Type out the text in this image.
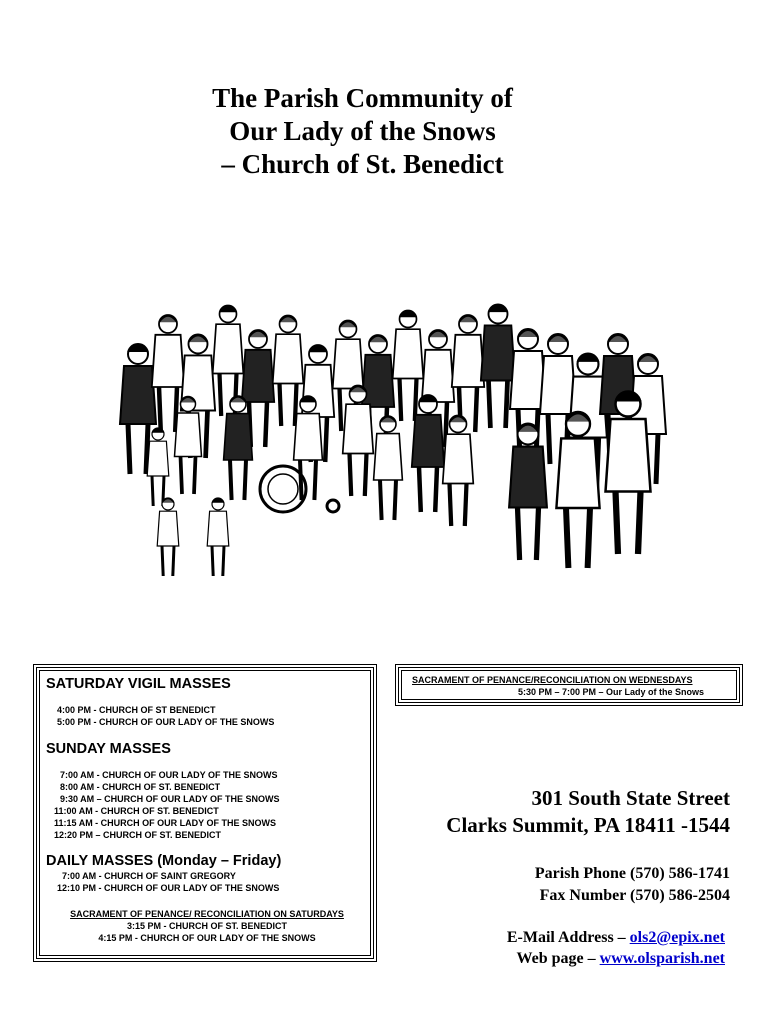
The Parish Community of
Our Lady of the Snows
– Church of St. Benedict
SATURDAY VIGIL MASSES
4:00 PM - CHURCH OF ST BENEDICT
5:00 PM - CHURCH OF OUR LADY OF THE SNOWS
SUNDAY MASSES
7:00 AM - CHURCH OF OUR LADY OF THE SNOWS
8:00 AM - CHURCH OF ST. BENEDICT
9:30 AM – CHURCH OF OUR LADY OF THE SNOWS
11:00 AM - CHURCH OF ST. BENEDICT
11:15 AM - CHURCH OF OUR LADY OF THE SNOWS
12:20 PM – CHURCH OF ST. BENEDICT
DAILY MASSES (Monday – Friday)
7:00 AM - CHURCH OF SAINT GREGORY
12:10 PM - CHURCH OF OUR LADY OF THE SNOWS
SACRAMENT OF PENANCE/ RECONCILIATION ON SATURDAYS
3:15 PM - CHURCH OF ST. BENEDICT
4:15 PM - CHURCH OF OUR LADY OF THE SNOWS
SACRAMENT OF PENANCE/RECONCILIATION ON WEDNESDAYS
5:30 PM – 7:00 PM – Our Lady of the Snows
301 South State Street
Clarks Summit, PA 18411 -1544
Parish Phone (570) 586-1741
Fax Number (570) 586-2504
E-Mail Address – ols2@epix.net
Web page – www.olsparish.net
